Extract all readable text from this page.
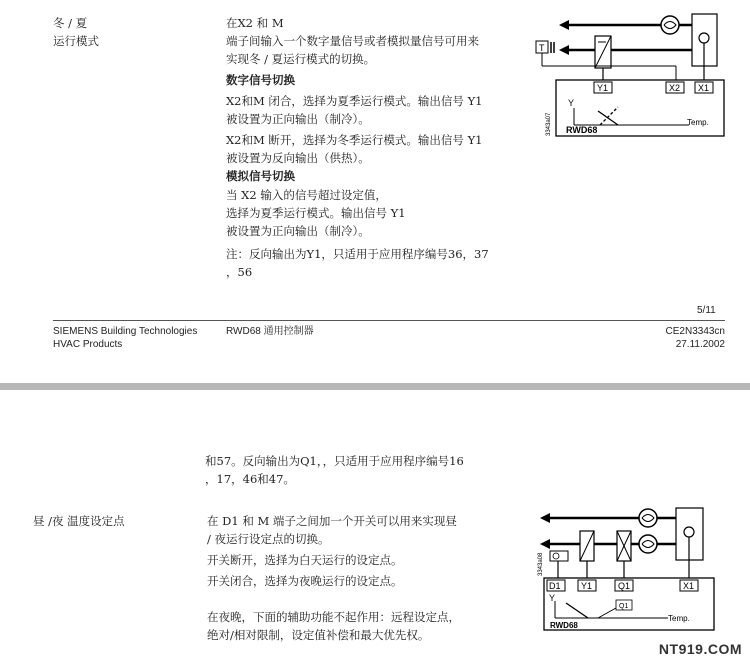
冬 / 夏
运行模式
在X2 和 M
端子间输入一个数字量信号或者模拟量信号可用来
实现冬 / 夏运行模式的切换。
数字信号切换
X2和M 闭合，选择为夏季运行模式。输出信号 Y1
被设置为正向输出（制冷）。
X2和M 断开，选择为冬季运行模式。输出信号 Y1
被设置为反向输出（供热）。
模拟信号切换
当 X2 输入的信号超过设定值，
选择为夏季运行模式。输出信号 Y1
被设置为正向输出（制冷）。
注：反向输出为Y1，只适用于应用程序编号36，37
，56
T
Y1	X2 X1
Y
Temp.
RWD68
3343a07
5/11
SIEMENS Building Technologies
HVAC Products
RWD68 通用控制器	CE2N3343cn
27.11.2002
和57。反向输出为Q1，，只适用于应用程序编号16
，17，46和47。
昼 /夜 温度设定点	在 D1 和 M 端子之间加一个开关可以用来实现昼
/ 夜运行设定点的切换。
开关断开，选择为白天运行的设定点。
开关闭合，选择为夜晚运行的设定点。
在夜晚，下面的辅助功能不起作用：远程设定点，
绝对/相对限制，设定值补偿和最大优先权。
D1 Y1	Q1	X1
Y
Q1
Temp.
RWD68
3343a08
NT919.COM
